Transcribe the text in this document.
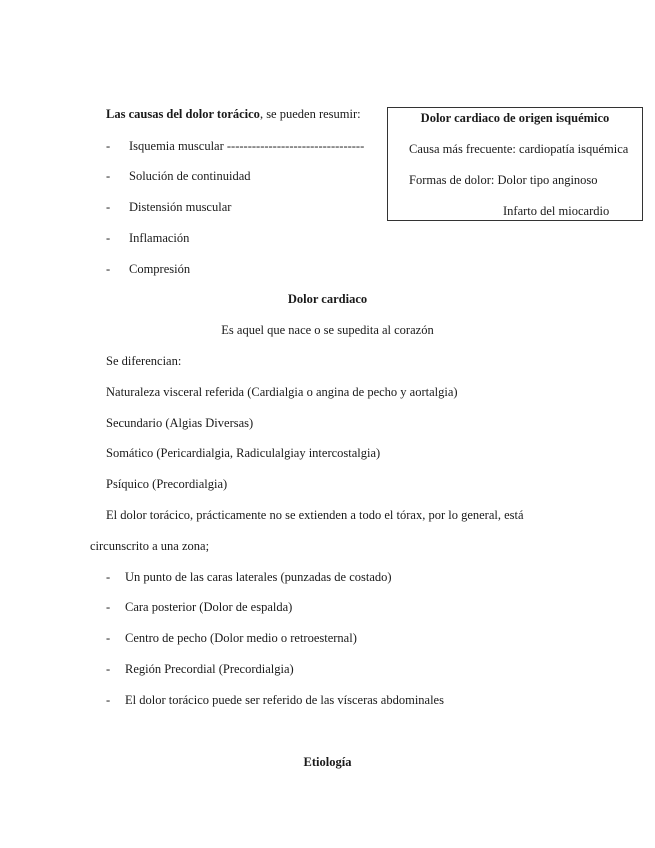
Las causas del dolor torácico, se pueden resumir:
- Isquemia muscular ---------------------------------
- Solución de continuidad
- Distensión muscular
- Inflamación
- Compresión
Dolor cardiaco de origen isquémico
Causa más frecuente: cardiopatía isquémica
Formas de dolor: Dolor tipo anginoso
Infarto del miocardio
Dolor cardiaco
Es aquel que nace o se supedita al corazón
Se diferencian:
Naturaleza visceral referida (Cardialgia o angina de pecho y aortalgia)
Secundario (Algias Diversas)
Somático (Pericardialgia, Radiculalgiay intercostalgia)
Psíquico (Precordialgia)
El dolor torácico, prácticamente no se extienden a todo el tórax, por lo general, está
circunscrito a una zona;
- Un punto de las caras laterales (punzadas de costado)
- Cara posterior (Dolor de espalda)
- Centro de pecho (Dolor medio o retroesternal)
- Región Precordial (Precordialgia)
- El dolor torácico puede ser referido de las vísceras abdominales
Etiología
